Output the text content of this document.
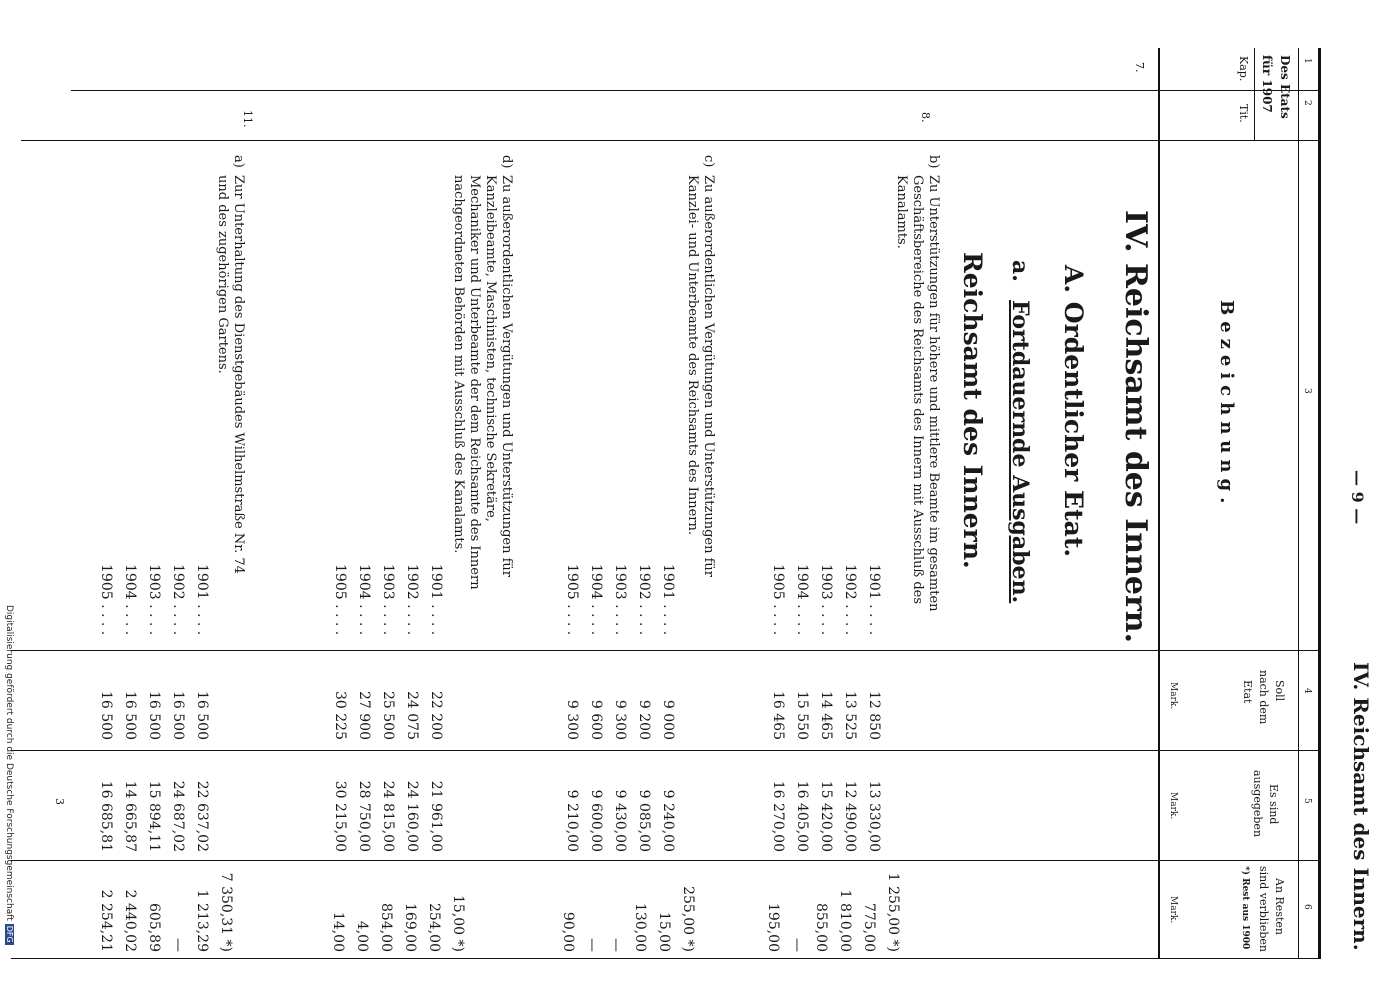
— 9 —
IV. Reichsamt des Innern.
1
2
3
4
5
6
Des Etats
für 1907
Kap.
Tit.
Bezeichnung.
Soll
nach dem
Etat
Mark.
Es sind
ausgegeben
Mark.
An Resten
sind verblieben
*) Rest aus 1900
Mark.
7.
8.
11.
IV. Reichsamt des Innern.
A. Ordentlicher Etat.
a.
Fortdauernde Ausgaben.
Reichsamt des Innern.
b)
Zu Unterstützungen für höhere und mittlere Beamte im gesamten
Geschäftsbereiche des Reichsamts des Innern mit Ausschluß des
Kanalamts.
1901 . . . .
1902 . . . .
1903 . . . .
1904 . . . .
1905 . . . .
12 850
13 525
14 465
15 550
16 465
13 330,00
12 490,00
15 420,00
16 405,00
16 270,00
1 255,00 *)
775,00
1 810,00
855,00
—
195,00
c)
Zu außerordentlichen Vergütungen und Unterstützungen für
Kanzlei- und Unterbeamte des Reichsamts des Innern.
1901 . . . .
1902 . . . .
1903 . . . .
1904 . . . .
1905 . . . .
9 000
9 200
9 300
9 600
9 300
9 240,00
9 085,00
9 430,00
9 600,00
9 210,00
255,00 *)
15,00
130,00
—
—
90,00
d)
Zu außerordentlichen Vergütungen und Unterstützungen für
Kanzleibeamte, Maschinisten, technische Sekretäre,
Mechaniker und Unterbeamte der dem Reichsamte des Innern
nachgeordneten Behörden mit Ausschluß des Kanalamts.
1901 . . . .
1902 . . . .
1903 . . . .
1904 . . . .
1905 . . . .
22 200
24 075
25 500
27 900
30 225
21 961,00
24 160,00
24 815,00
28 750,00
30 215,00
15,00 *)
254,00
169,00
854,00
4,00
14,00
a)
Zur Unterhaltung des Dienstgebäudes Wilhelmstraße Nr. 74
und des zugehörigen Gartens.
1901 . . . .
1902 . . . .
1903 . . . .
1904 . . . .
1905 . . . .
16 500
16 500
16 500
16 500
16 500
22 637,02
24 687,02
15 894,11
14 665,87
16 685,81
7 350,31 *)
1 213,29
—
605,89
2 440,02
2 254,21
3
Digitalisierung gefördert durch die Deutsche ForschungsgemeinschaftDFG
